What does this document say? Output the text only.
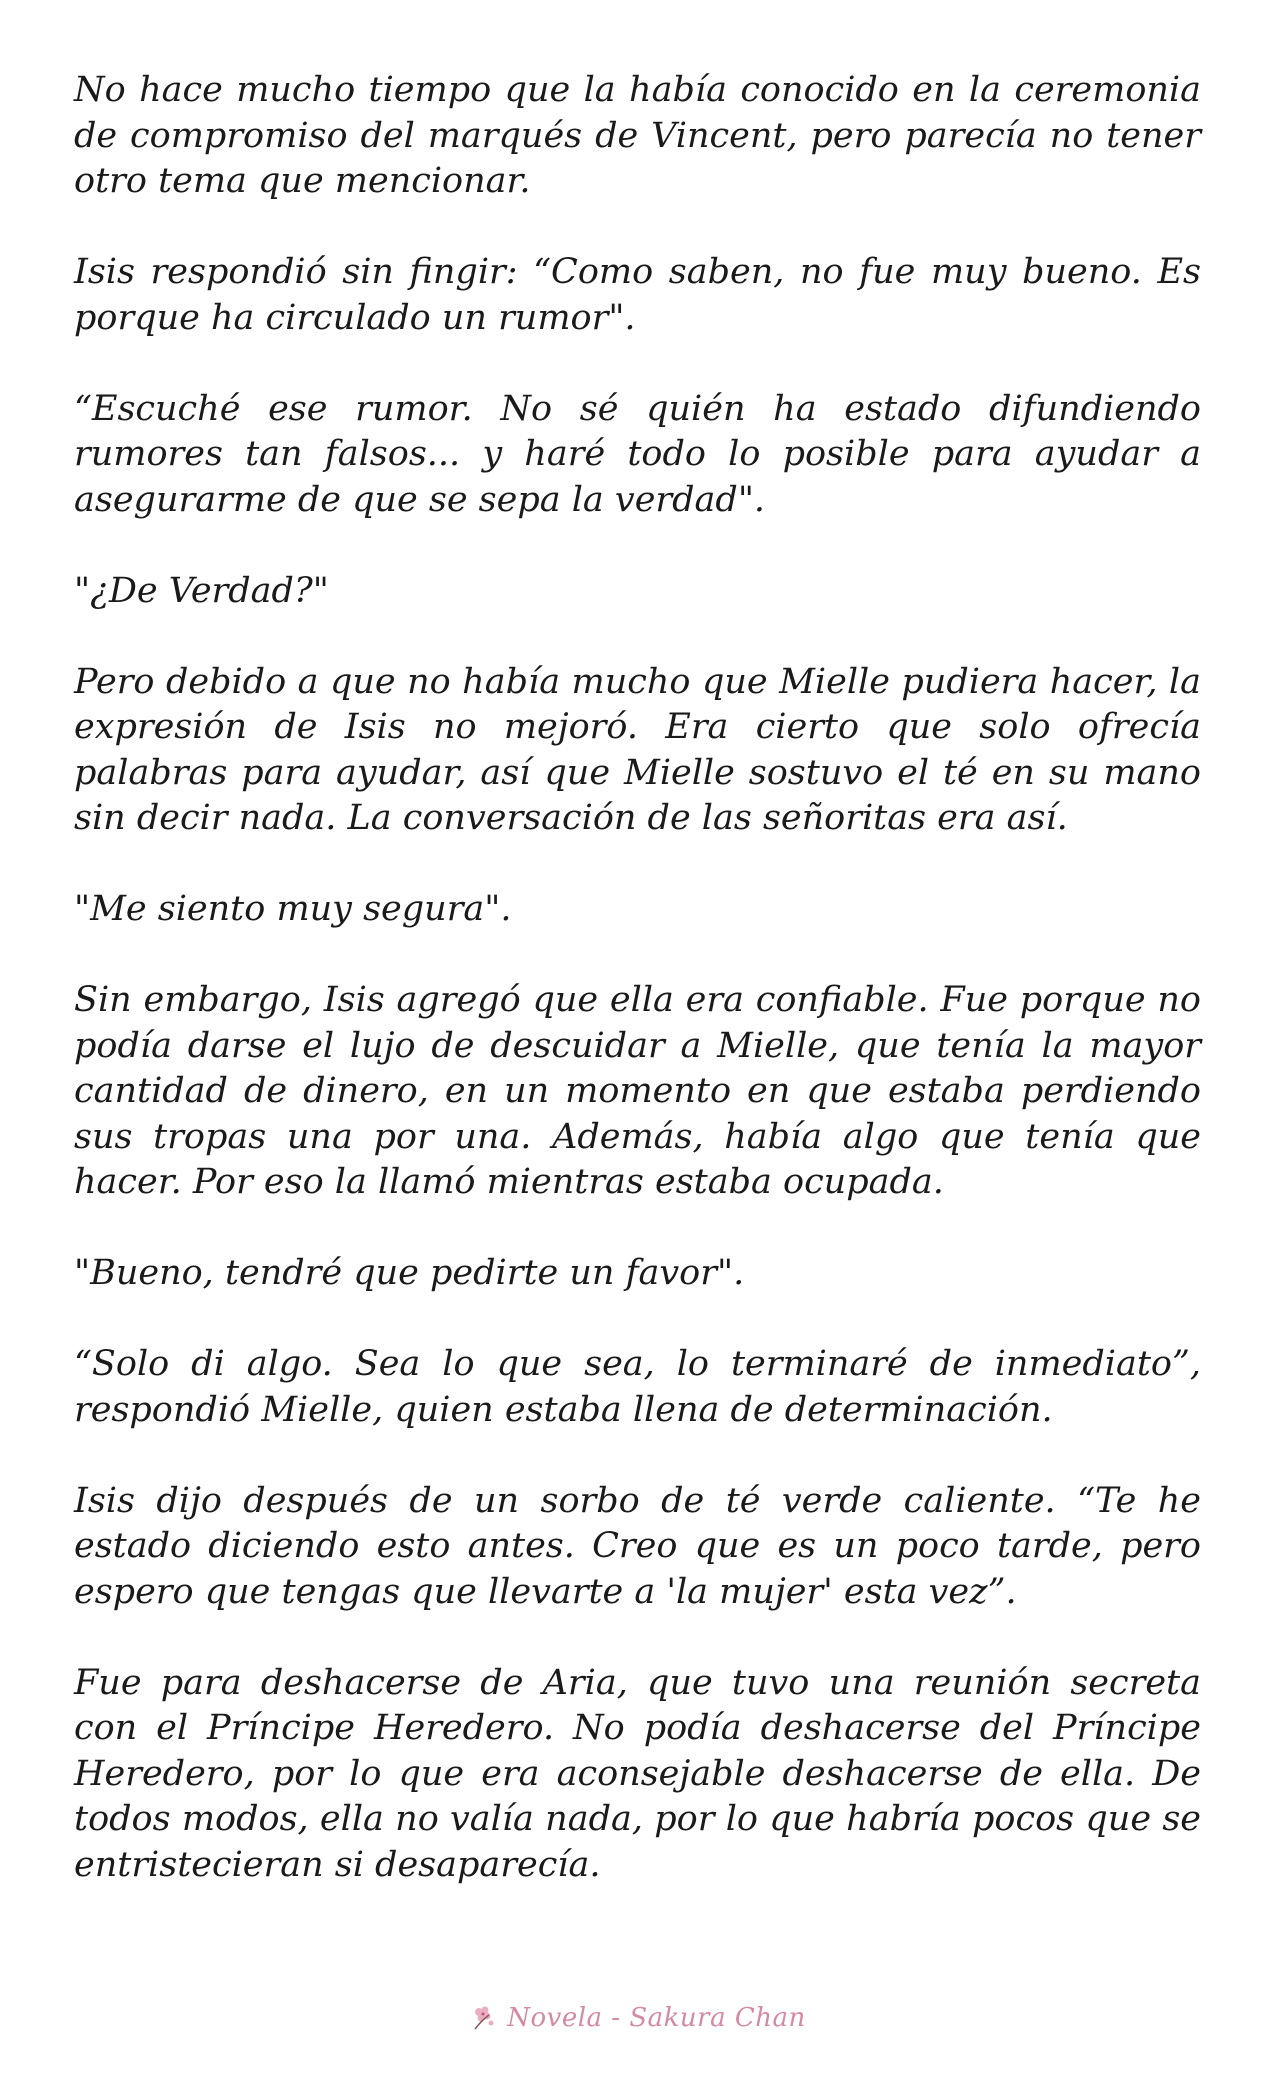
No hace mucho tiempo que la había conocido en la ceremonia de compromiso del marqués de Vincent, pero parecía no tener otro tema que mencionar.

Isis respondió sin fingir: “Como saben, no fue muy bueno. Es porque ha circulado un rumor".

“Escuché ese rumor. No sé quién ha estado difundiendo rumores tan falsos... y haré todo lo posible para ayudar a asegurarme de que se sepa la verdad".

"¿De Verdad?"

Pero debido a que no había mucho que Mielle pudiera hacer, la expresión de Isis no mejoró. Era cierto que solo ofrecía palabras para ayudar, así que Mielle sostuvo el té en su mano sin decir nada. La conversación de las señoritas era así.

"Me siento muy segura".

Sin embargo, Isis agregó que ella era confiable. Fue porque no podía darse el lujo de descuidar a Mielle, que tenía la mayor cantidad de dinero, en un momento en que estaba perdiendo sus tropas una por una. Además, había algo que tenía que hacer. Por eso la llamó mientras estaba ocupada.

"Bueno, tendré que pedirte un favor".

“Solo di algo. Sea lo que sea, lo terminaré de inmediato”, respondió Mielle, quien estaba llena de determinación.

Isis dijo después de un sorbo de té verde caliente. “Te he estado diciendo esto antes. Creo que es un poco tarde, pero espero que tengas que llevarte a 'la mujer' esta vez”.

Fue para deshacerse de Aria, que tuvo una reunión secreta con el Príncipe Heredero. No podía deshacerse del Príncipe Heredero, por lo que era aconsejable deshacerse de ella. De todos modos, ella no valía nada, por lo que habría pocos que se entristecieran si desaparecía.

Novela - Sakura Chan
